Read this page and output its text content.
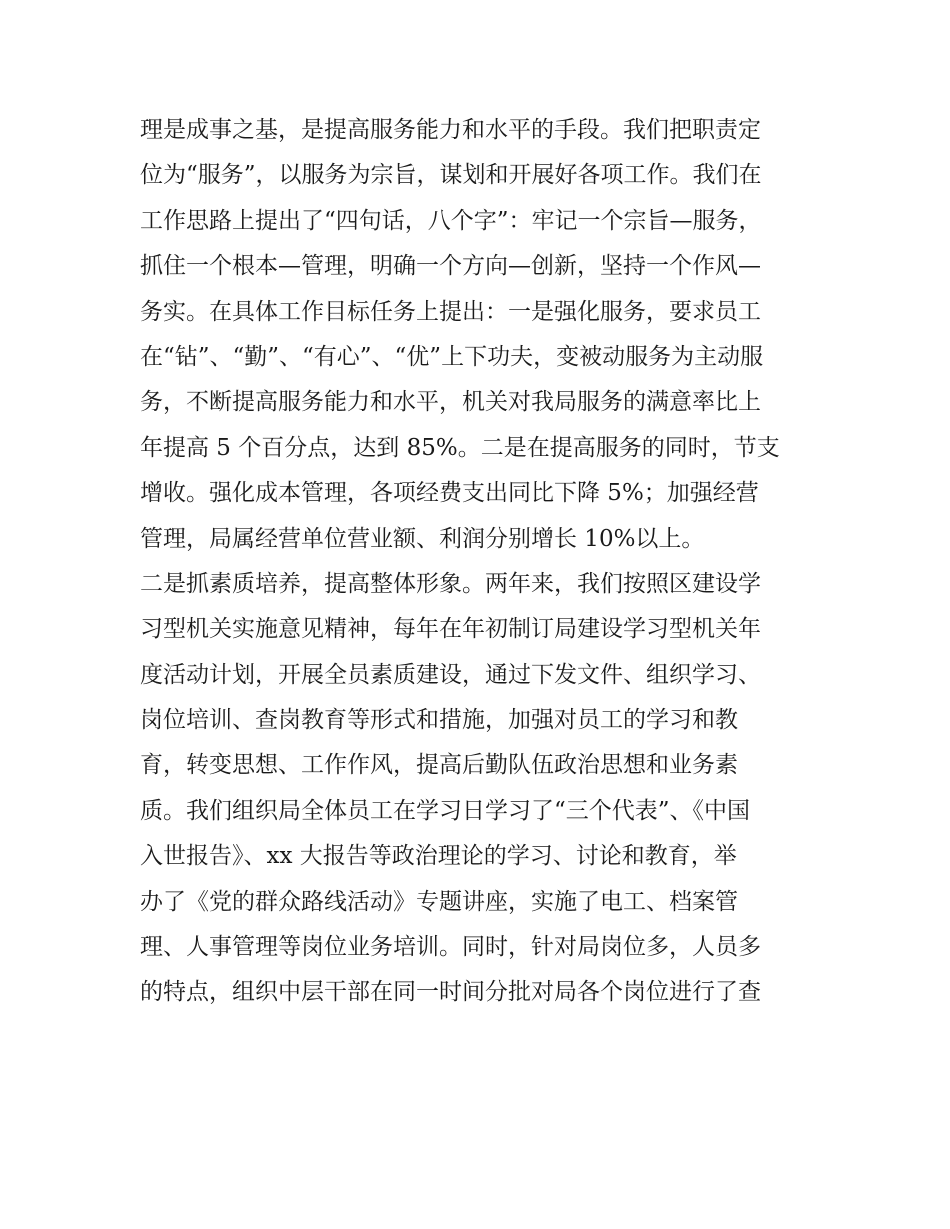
理是成事之基，是提高服务能力和水平的手段。我们把职责定
位为“服务”，以服务为宗旨，谋划和开展好各项工作。我们在
工作思路上提出了“四句话，八个字”：牢记一个宗旨—服务，
抓住一个根本—管理，明确一个方向—创新，坚持一个作风—
务实。在具体工作目标任务上提出：一是强化服务，要求员工
在“钻”、“勤”、“有心”、“优”上下功夫，变被动服务为主动服
务，不断提高服务能力和水平，机关对我局服务的满意率比上
年提高 5 个百分点，达到 85%。二是在提高服务的同时，节支
增收。强化成本管理，各项经费支出同比下降 5%；加强经营
管理，局属经营单位营业额、利润分别增长 10%以上。
二是抓素质培养，提高整体形象。两年来，我们按照区建设学
习型机关实施意见精神，每年在年初制订局建设学习型机关年
度活动计划，开展全员素质建设，通过下发文件、组织学习、
岗位培训、查岗教育等形式和措施，加强对员工的学习和教
育，转变思想、工作作风，提高后勤队伍政治思想和业务素
质。我们组织局全体员工在学习日学习了“三个代表”、《中国
入世报告》、xx 大报告等政治理论的学习、讨论和教育，举
办了《党的群众路线活动》专题讲座，实施了电工、档案管
理、人事管理等岗位业务培训。同时，针对局岗位多，人员多
的特点，组织中层干部在同一时间分批对局各个岗位进行了查
